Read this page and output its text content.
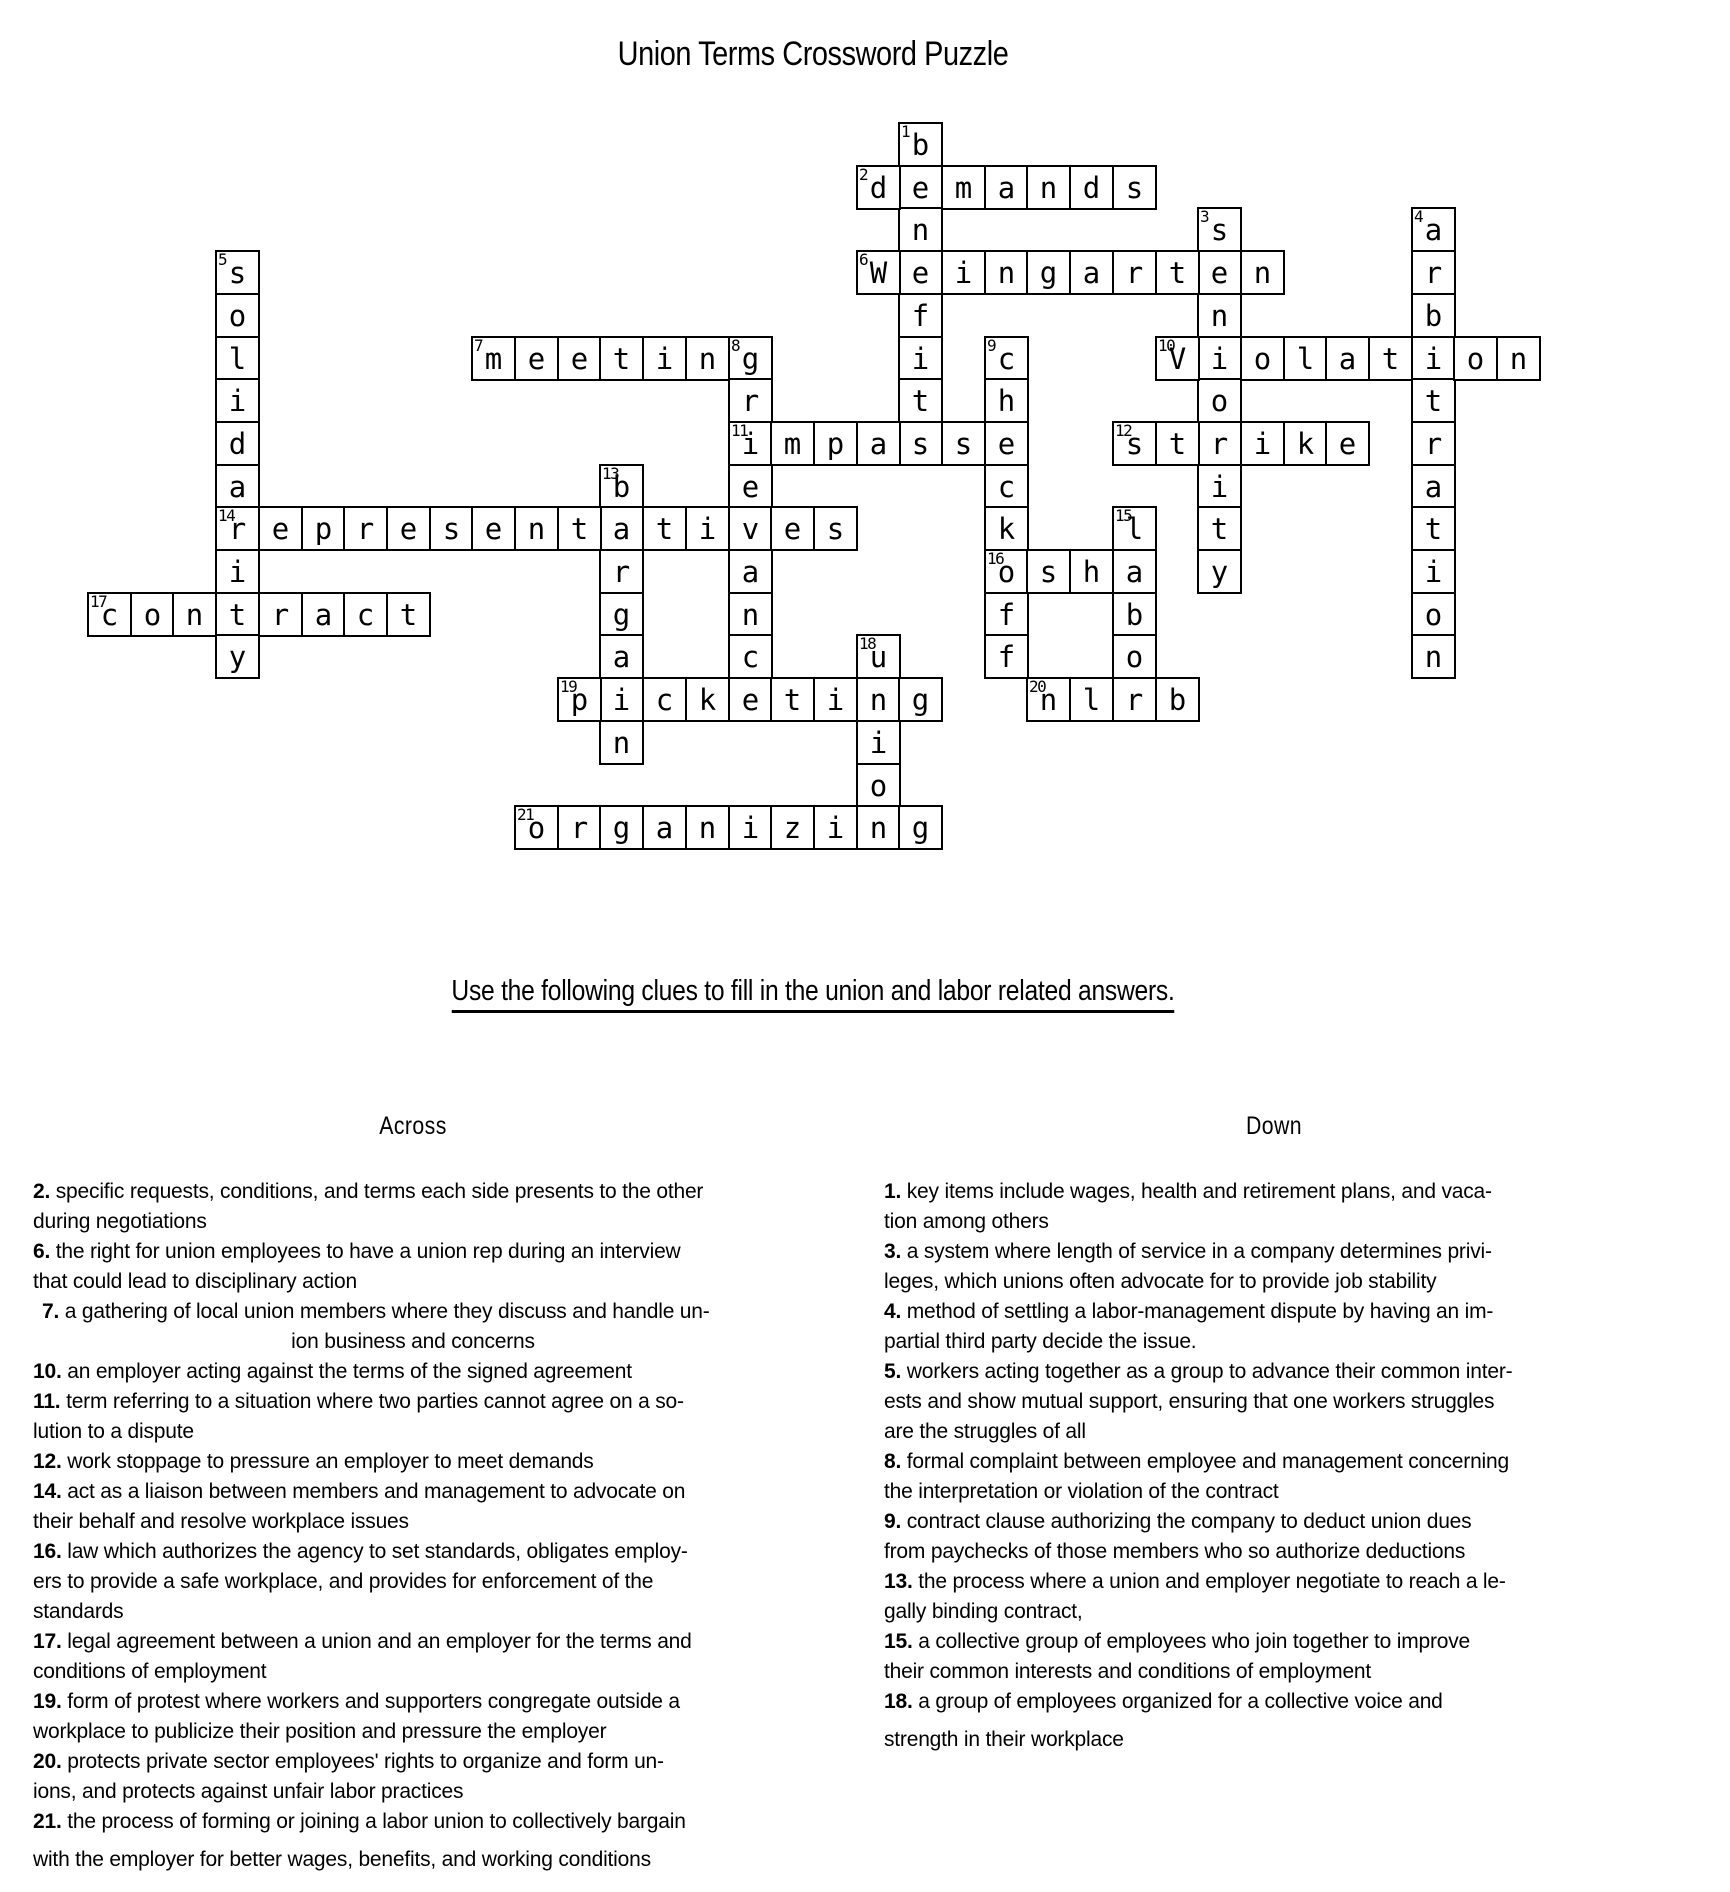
Union Terms Crossword Puzzle
1 b
e
n
e
f
i
t
s
2 d m a n d s
3 s
e
n
i
o
r
i
t
y
4 a
r
b
i
t
r
a
t
i
o
n
5 s
o
l
i
d
a
14
r
i
t
y
6 W i n g a r t n
7 m e e t i n 8 g
r
11
i
e
v
a
n
c
e
9 c
h
e
c
k
16
o
f
f
10
V o l a t o n
m p a s	12
s t i k e
13
b
a
r
g
a
i
n
e p r e s e n t t i e s	15
l
a
b
o
r
s h
17
c o n r a c t
18
u
n
i
o
n
19
p c k t i g	20
n l b
21
o r g a n i z i g
Use the following clues to fill in the union and labor related answers.
Across
2. specific requests, conditions, and terms each side presents to the other
during negotiations
6. the right for union employees to have a union rep during an interview
that could lead to disciplinary action
7. a gathering of local union members where they discuss and handle un-
ion business and concerns
10. an employer acting against the terms of the signed agreement
11. term referring to a situation where two parties cannot agree on a so-
lution to a dispute
12. work stoppage to pressure an employer to meet demands
14. act as a liaison between members and management to advocate on
their behalf and resolve workplace issues
16. law which authorizes the agency to set standards, obligates employ-
ers to provide a safe workplace, and provides for enforcement of the
standards
17. legal agreement between a union and an employer for the terms and
conditions of employment
19. form of protest where workers and supporters congregate outside a
workplace to publicize their position and pressure the employer
20. protects private sector employees' rights to organize and form un-
ions, and protects against unfair labor practices
21. the process of forming or joining a labor union to collectively bargain
with the employer for better wages, benefits, and working conditions
Down
1. key items include wages, health and retirement plans, and vaca-
tion among others
3. a system where length of service in a company determines privi-
leges, which unions often advocate for to provide job stability
4. method of settling a labor-management dispute by having an im-
partial third party decide the issue.
5. workers acting together as a group to advance their common inter-
ests and show mutual support, ensuring that one workers struggles
are the struggles of all
8. formal complaint between employee and management concerning
the interpretation or violation of the contract
9. contract clause authorizing the company to deduct union dues
from paychecks of those members who so authorize deductions
13. the process where a union and employer negotiate to reach a le-
gally binding contract,
15. a collective group of employees who join together to improve
their common interests and conditions of employment
18. a group of employees organized for a collective voice and
strength in their workplace
